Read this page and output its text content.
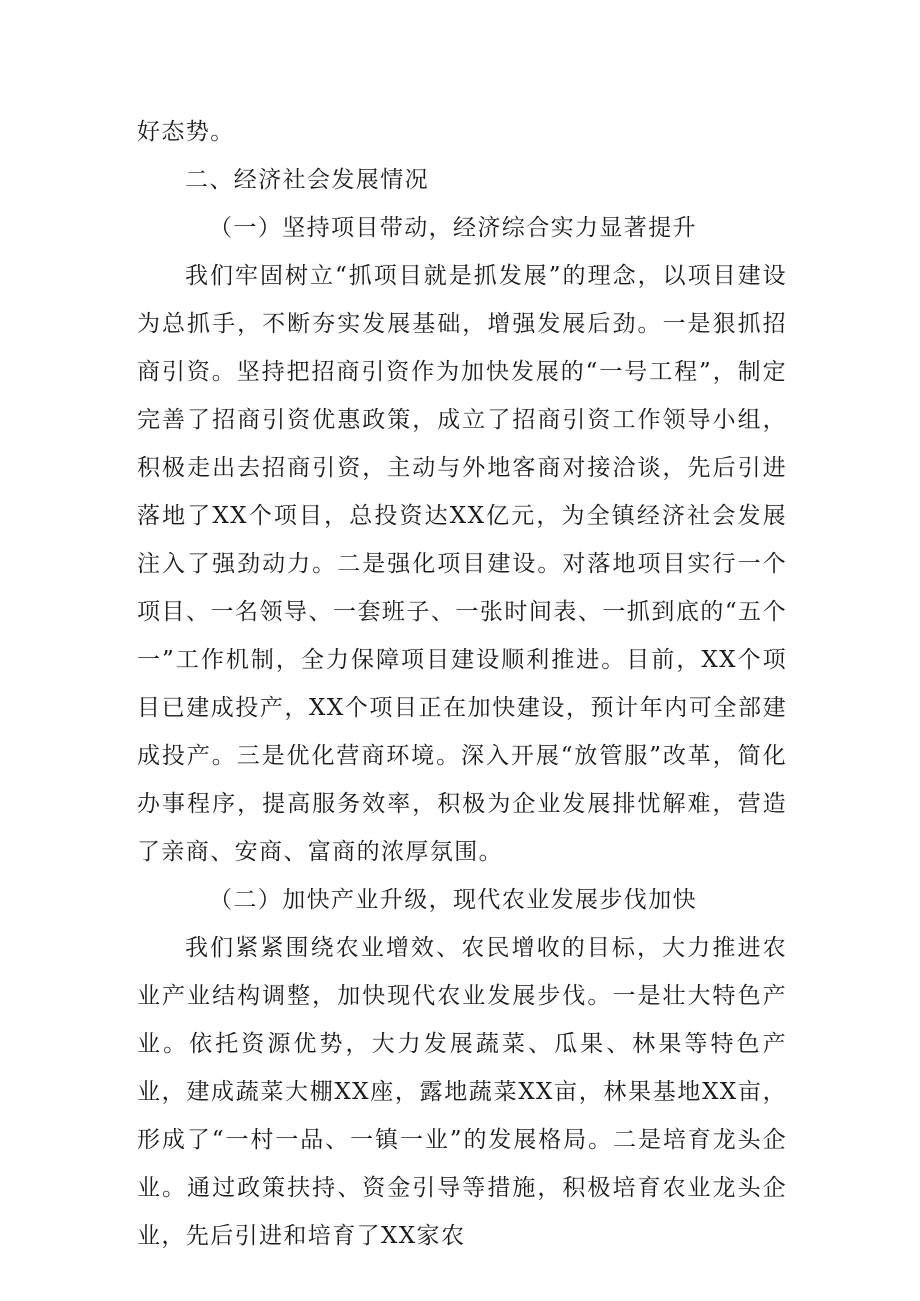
好态势。

二、经济社会发展情况

（一）坚持项目带动，经济综合实力显著提升

我们牢固树立“抓项目就是抓发展”的理念，以项目建设为总抓手，不断夯实发展基础，增强发展后劲。一是狠抓招商引资。坚持把招商引资作为加快发展的“一号工程”，制定完善了招商引资优惠政策，成立了招商引资工作领导小组，积极走出去招商引资，主动与外地客商对接洽谈，先后引进落地了XX个项目，总投资达XX亿元，为全镇经济社会发展注入了强劲动力。二是强化项目建设。对落地项目实行一个项目、一名领导、一套班子、一张时间表、一抓到底的“五个一”工作机制，全力保障项目建设顺利推进。目前，XX个项目已建成投产，XX个项目正在加快建设，预计年内可全部建成投产。三是优化营商环境。深入开展“放管服”改革，简化办事程序，提高服务效率，积极为企业发展排忧解难，营造了亲商、安商、富商的浓厚氛围。

（二）加快产业升级，现代农业发展步伐加快

我们紧紧围绕农业增效、农民增收的目标，大力推进农业产业结构调整，加快现代农业发展步伐。一是壮大特色产业。依托资源优势，大力发展蔬菜、瓜果、林果等特色产业，建成蔬菜大棚XX座，露地蔬菜XX亩，林果基地XX亩，形成了“一村一品、一镇一业”的发展格局。二是培育龙头企业。通过政策扶持、资金引导等措施，积极培育农业龙头企业，先后引进和培育了XX家农
